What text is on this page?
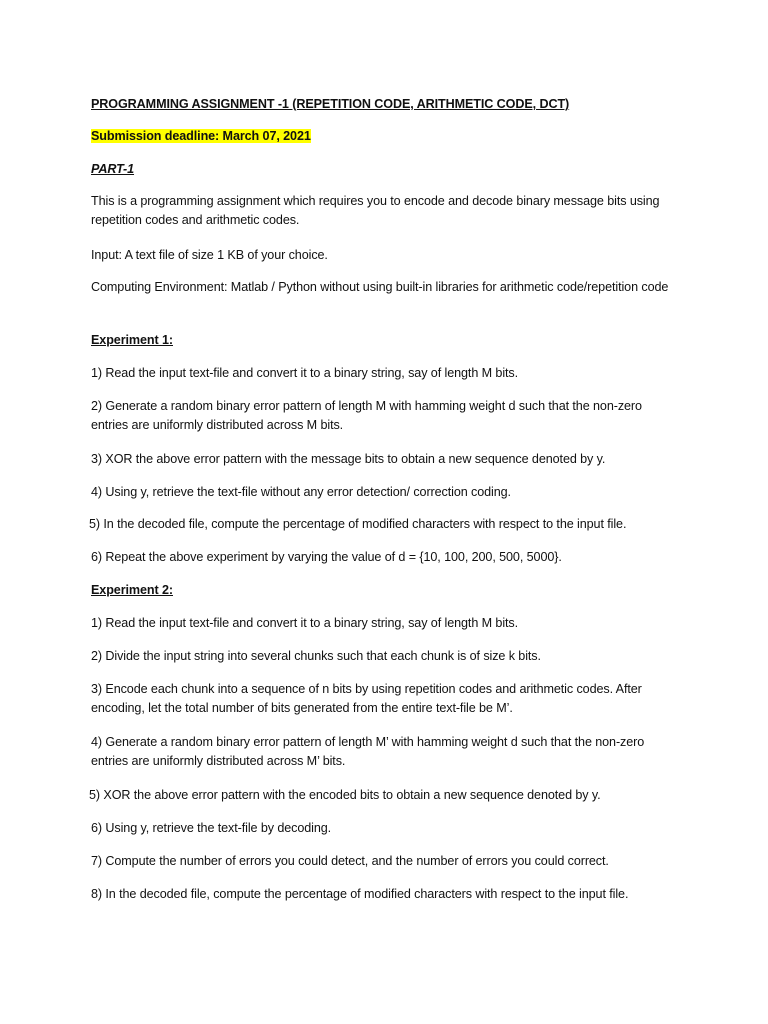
PROGRAMMING ASSIGNMENT -1 (REPETITION CODE, ARITHMETIC CODE, DCT)

Submission deadline: March 07, 2021

PART-1

This is a programming assignment which requires you to encode and decode binary message bits using repetition codes and arithmetic codes.

Input: A text file of size 1 KB of your choice.

Computing Environment: Matlab / Python without using built-in libraries for arithmetic code/repetition code

Experiment 1:

1) Read the input text-file and convert it to a binary string, say of length M bits.

2) Generate a random binary error pattern of length M with hamming weight d such that the non-zero entries are uniformly distributed across M bits.

3) XOR the above error pattern with the message bits to obtain a new sequence denoted by y.

4) Using y, retrieve the text-file without any error detection/ correction coding.

5) In the decoded file, compute the percentage of modified characters with respect to the input file.

6) Repeat the above experiment by varying the value of d = {10, 100, 200, 500, 5000}.

Experiment 2:

1) Read the input text-file and convert it to a binary string, say of length M bits.

2) Divide the input string into several chunks such that each chunk is of size k bits.

3) Encode each chunk into a sequence of n bits by using repetition codes and arithmetic codes. After encoding, let the total number of bits generated from the entire text-file be M’.

4) Generate a random binary error pattern of length M’ with hamming weight d such that the non-zero entries are uniformly distributed across M’ bits.

5) XOR the above error pattern with the encoded bits to obtain a new sequence denoted by y.

6) Using y, retrieve the text-file by decoding.

7) Compute the number of errors you could detect, and the number of errors you could correct.

8) In the decoded file, compute the percentage of modified characters with respect to the input file.
